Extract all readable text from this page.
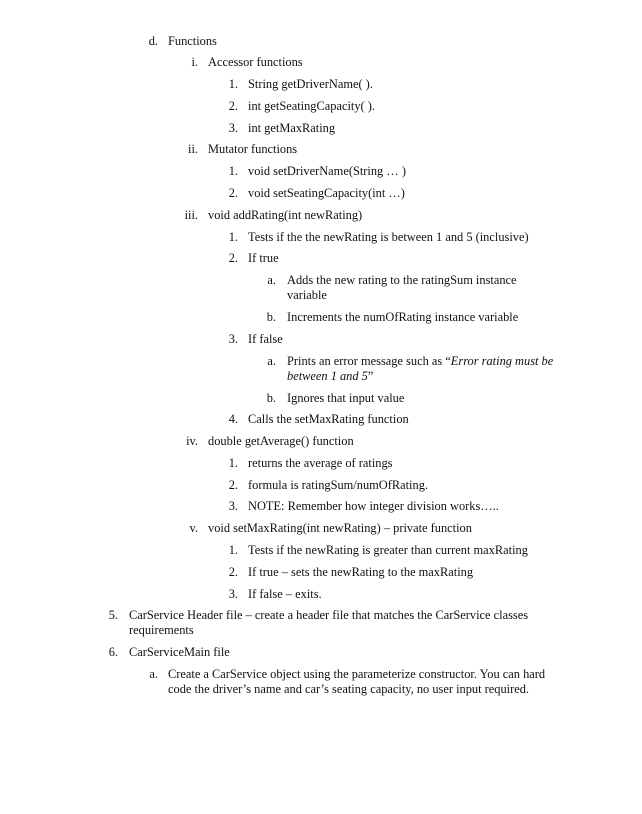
d. Functions
i. Accessor functions
1. String getDriverName( ).
2. int getSeatingCapacity( ).
3. int getMaxRating
ii. Mutator functions
1. void setDriverName(String … )
2. void setSeatingCapacity(int …)
iii. void addRating(int newRating)
1. Tests if the the newRating is between 1 and 5 (inclusive)
2. If true
a. Adds the new rating to the ratingSum instance variable
b. Increments the numOfRating instance variable
3. If false
a. Prints an error message such as “Error rating must be between 1 and 5”
b. Ignores that input value
4. Calls the setMaxRating function
iv. double getAverage() function
1. returns the average of ratings
2. formula is ratingSum/numOfRating.
3. NOTE: Remember how integer division works…..
v. void setMaxRating(int newRating) – private function
1. Tests if the newRating is greater than current maxRating
2. If true – sets the newRating to the maxRating
3. If false – exits.
5. CarService Header file – create a header file that matches the CarService classes requirements
6. CarServiceMain file
a. Create a CarService object using the parameterize constructor. You can hard code the driver’s name and car’s seating capacity, no user input required.
